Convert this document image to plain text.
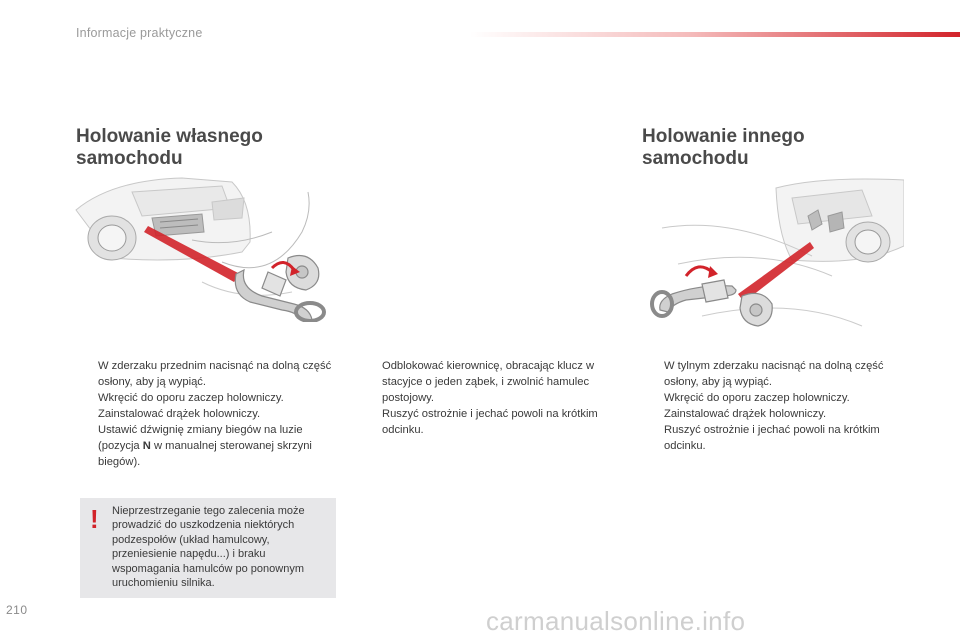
Informacje praktyczne
Holowanie własnego
samochodu
Holowanie innego
samochodu
W zderzaku przednim nacisnąć na dolną część osłony, aby ją wypiąć.
Wkręcić do oporu zaczep holowniczy.
Zainstalować drążek holowniczy.
Ustawić dźwignię zmiany biegów na luzie (pozycja N w manualnej sterowanej skrzyni biegów).
Odblokować kierownicę, obracając klucz w stacyjce o jeden ząbek, i zwolnić hamulec postojowy.
Ruszyć ostrożnie i jechać powoli na krótkim odcinku.
W tylnym zderzaku nacisnąć na dolną część osłony, aby ją wypiąć.
Wkręcić do oporu zaczep holowniczy.
Zainstalować drążek holowniczy.
Ruszyć ostrożnie i jechać powoli na krótkim odcinku.
! Nieprzestrzeganie tego zalecenia może prowadzić do uszkodzenia niektórych podzespołów (układ hamulcowy, przeniesienie napędu...) i braku wspomagania hamulców po ponownym uruchomieniu silnika.
210	carmanualsonline.info
